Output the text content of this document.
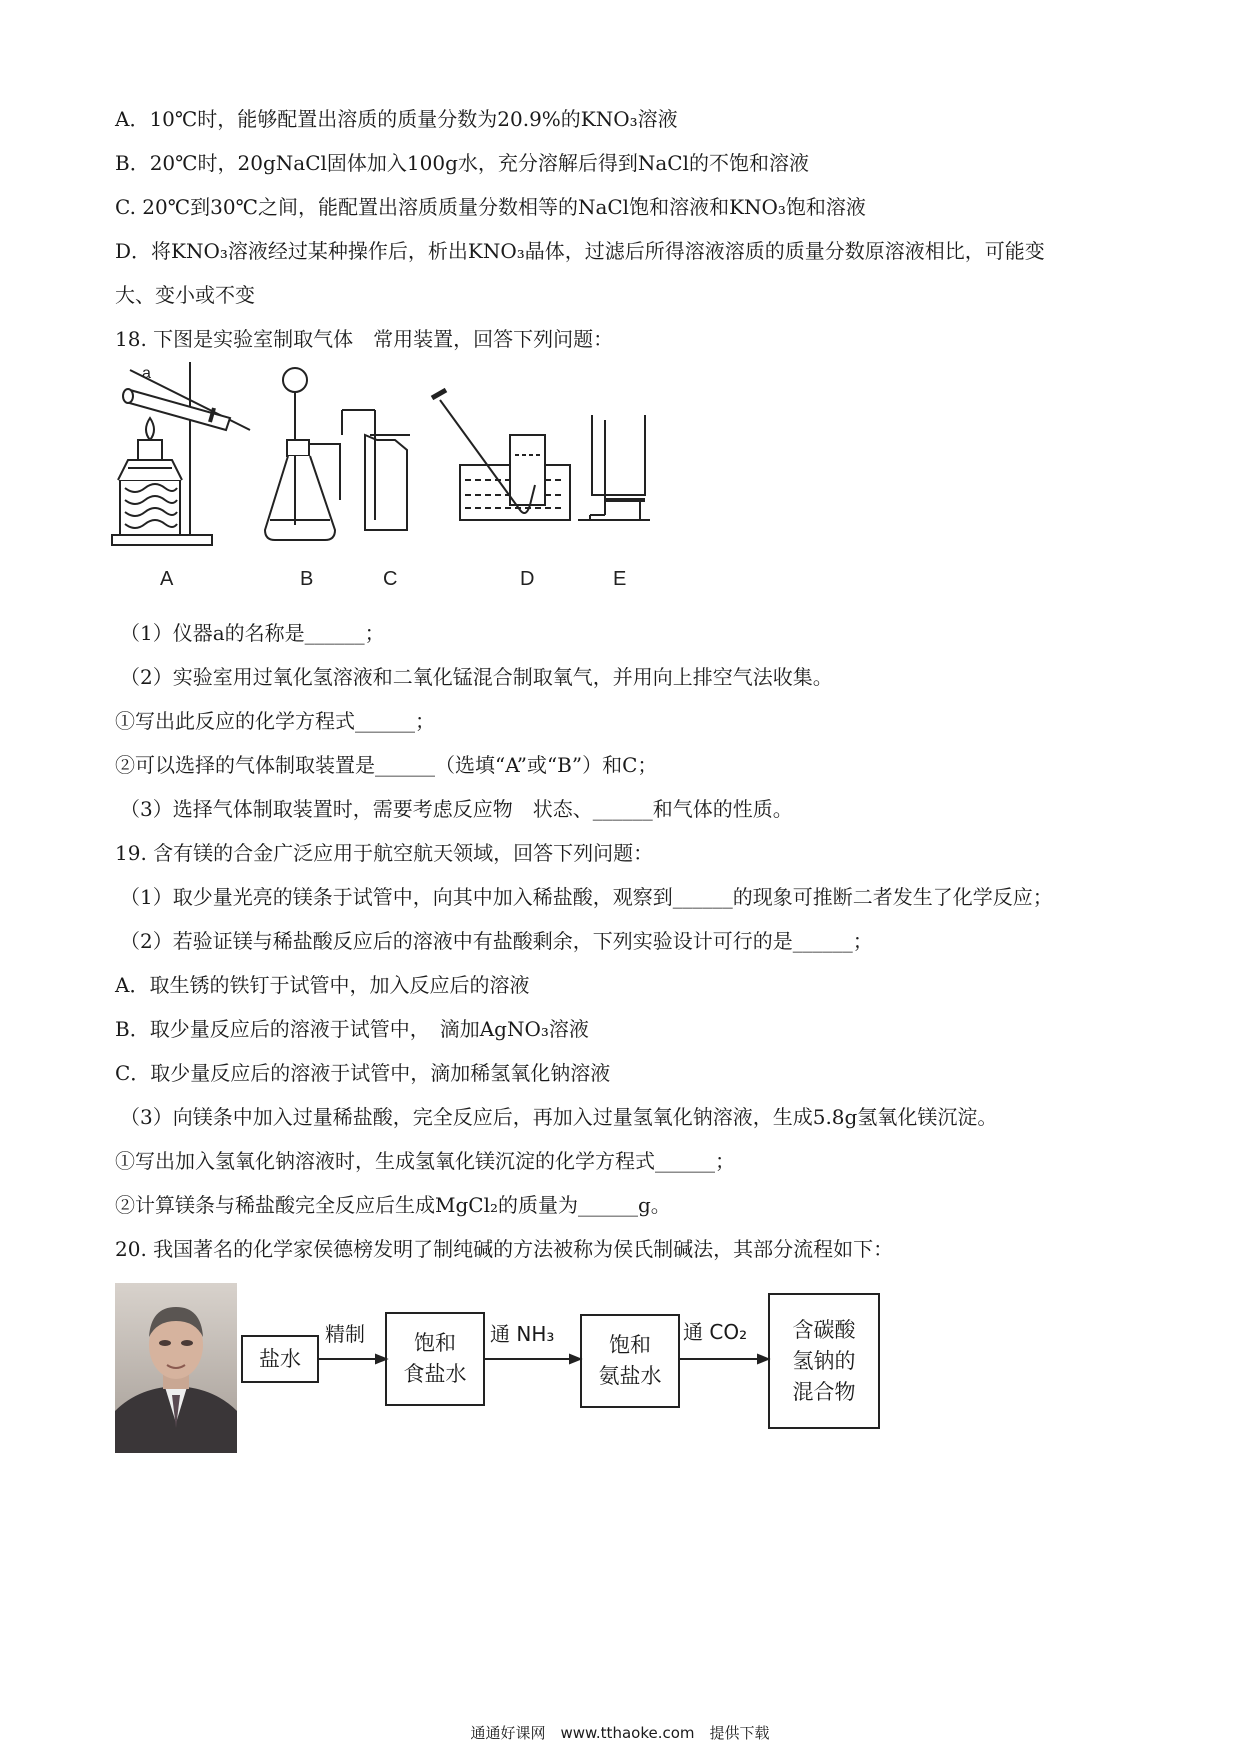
A．10℃时，能够配置出溶质的质量分数为20.9%的KNO₃溶液
B．20℃时，20gNaCl固体加入100g水，充分溶解后得到NaCl的不饱和溶液
C. 20℃到30℃之间，能配置出溶质质量分数相等的NaCl饱和溶液和KNO₃饱和溶液
D．将KNO₃溶液经过某种操作后，析出KNO₃晶体，过滤后所得溶液溶质的质量分数原溶液相比，可能变
大、变小或不变
18. 下图是实验室制取气体　常用装置，回答下列问题：
a
A	B	C	D	E
（1）仪器a的名称是______；
（2）实验室用过氧化氢溶液和二氧化锰混合制取氧气，并用向上排空气法收集。
①写出此反应的化学方程式______；
②可以选择的气体制取装置是______（选填“A”或“B”）和C；
（3）选择气体制取装置时，需要考虑反应物　状态、______和气体的性质。
19. 含有镁的合金广泛应用于航空航天领域，回答下列问题：
（1）取少量光亮的镁条于试管中，向其中加入稀盐酸，观察到______的现象可推断二者发生了化学反应；
（2）若验证镁与稀盐酸反应后的溶液中有盐酸剩余，下列实验设计可行的是______；
A．取生锈的铁钉于试管中，加入反应后的溶液
B．取少量反应后的溶液于试管中，　滴加AgNO₃溶液
C．取少量反应后的溶液于试管中，滴加稀氢氧化钠溶液
（3）向镁条中加入过量稀盐酸，完全反应后，再加入过量氢氧化钠溶液，生成5.8g氢氧化镁沉淀。
①写出加入氢氧化钠溶液时，生成氢氧化镁沉淀的化学方程式______；
②计算镁条与稀盐酸完全反应后生成MgCl₂的质量为______g。
20. 我国著名的化学家侯德榜发明了制纯碱的方法被称为侯氏制碱法，其部分流程如下：
盐水
精制 饱和
食盐水
通 NH₃	饱和
氨盐水
通 CO₂ 含碳酸
氢钠的
混合物
通通好课网　www.tthaoke.com　提供下载
